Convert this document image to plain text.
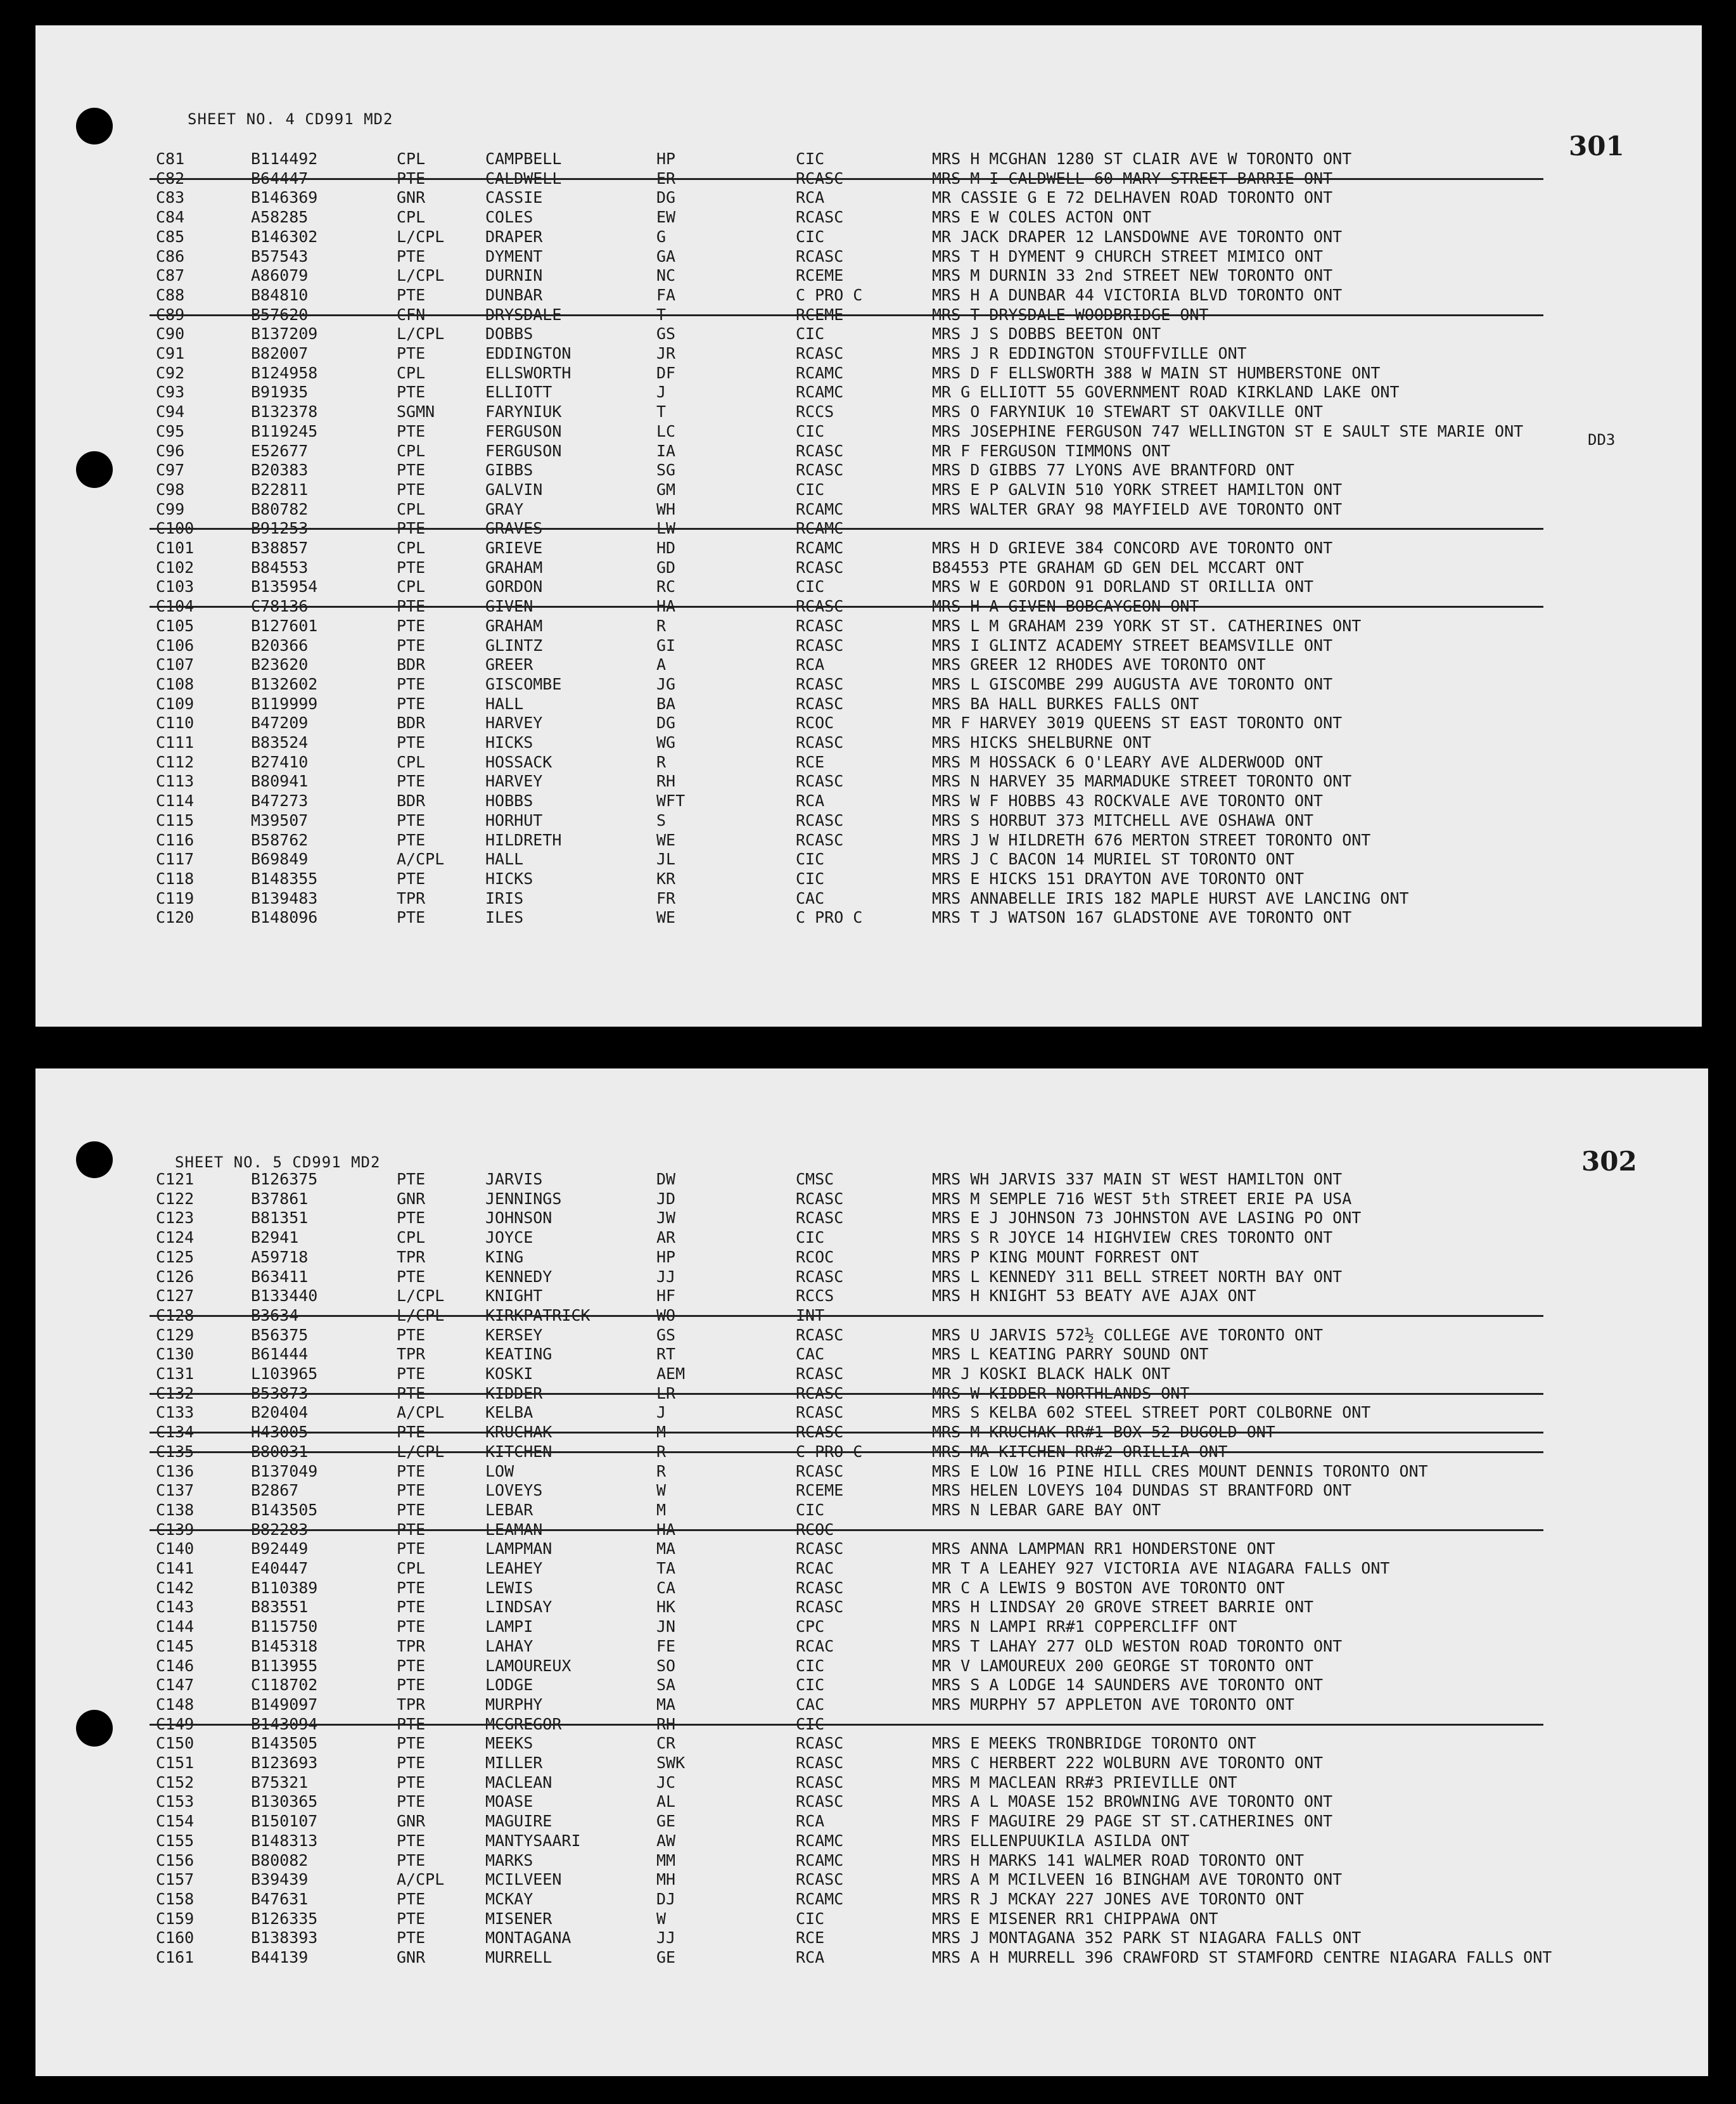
SHEET NO. 4 CD991 MD2
301
DD3
C81	B114492	CPL	CAMPBELL	HP	CIC	MRS H MCGHAN 1280 ST CLAIR AVE W TORONTO ONT
C82	B64447	PTE	CALDWELL	ER	RCASC	MRS M I CALDWELL 60 MARY STREET BARRIE ONT
C83	B146369	GNR	CASSIE	DG	RCA	MR CASSIE G E 72 DELHAVEN ROAD TORONTO ONT
C84	A58285	CPL	COLES	EW	RCASC	MRS E W COLES ACTON ONT
C85	B146302	L/CPL	DRAPER	G	CIC	MR JACK DRAPER 12 LANSDOWNE AVE TORONTO ONT
C86	B57543	PTE	DYMENT	GA	RCASC	MRS T H DYMENT 9 CHURCH STREET MIMICO ONT
C87	A86079	L/CPL	DURNIN	NC	RCEME	MRS M DURNIN 33 2nd STREET NEW TORONTO ONT
C88	B84810	PTE	DUNBAR	FA	C PRO C	MRS H A DUNBAR 44 VICTORIA BLVD TORONTO ONT
C89	B57620	CFN	DRYSDALE	T	RCEME	MRS T DRYSDALE WOODBRIDGE ONT
C90	B137209	L/CPL	DOBBS	GS	CIC	MRS J S DOBBS BEETON ONT
C91	B82007	PTE	EDDINGTON	JR	RCASC	MRS J R EDDINGTON STOUFFVILLE ONT
C92	B124958	CPL	ELLSWORTH	DF	RCAMC	MRS D F ELLSWORTH 388 W MAIN ST HUMBERSTONE ONT
C93	B91935	PTE	ELLIOTT	J	RCAMC	MR G ELLIOTT 55 GOVERNMENT ROAD KIRKLAND LAKE ONT
C94	B132378	SGMN	FARYNIUK	T	RCCS	MRS O FARYNIUK 10 STEWART ST OAKVILLE ONT
C95	B119245	PTE	FERGUSON	LC	CIC	MRS JOSEPHINE FERGUSON 747 WELLINGTON ST E SAULT STE MARIE ONT
C96	E52677	CPL	FERGUSON	IA	RCASC	MR F FERGUSON TIMMONS ONT
C97	B20383	PTE	GIBBS	SG	RCASC	MRS D GIBBS 77 LYONS AVE BRANTFORD ONT
C98	B22811	PTE	GALVIN	GM	CIC	MRS E P GALVIN 510 YORK STREET HAMILTON ONT
C99	B80782	CPL	GRAY	WH	RCAMC	MRS WALTER GRAY 98 MAYFIELD AVE TORONTO ONT
C100	B91253	PTE	GRAVES	LW	RCAMC
C101	B38857	CPL	GRIEVE	HD	RCAMC	MRS H D GRIEVE 384 CONCORD AVE TORONTO ONT
C102	B84553	PTE	GRAHAM	GD	RCASC	B84553 PTE GRAHAM GD GEN DEL MCCART ONT
C103	B135954	CPL	GORDON	RC	CIC	MRS W E GORDON 91 DORLAND ST ORILLIA ONT
C104	C78136	PTE	GIVEN	HA	RCASC	MRS H A GIVEN BOBCAYGEON ONT
C105	B127601	PTE	GRAHAM	R	RCASC	MRS L M GRAHAM 239 YORK ST ST. CATHERINES ONT
C106	B20366	PTE	GLINTZ	GI	RCASC	MRS I GLINTZ ACADEMY STREET BEAMSVILLE ONT
C107	B23620	BDR	GREER	A	RCA	MRS GREER 12 RHODES AVE TORONTO ONT
C108	B132602	PTE	GISCOMBE	JG	RCASC	MRS L GISCOMBE 299 AUGUSTA AVE TORONTO ONT
C109	B119999	PTE	HALL	BA	RCASC	MRS BA HALL BURKES FALLS ONT
C110	B47209	BDR	HARVEY	DG	RCOC	MR F HARVEY 3019 QUEENS ST EAST TORONTO ONT
C111	B83524	PTE	HICKS	WG	RCASC	MRS HICKS SHELBURNE ONT
C112	B27410	CPL	HOSSACK	R	RCE	MRS M HOSSACK 6 O'LEARY AVE ALDERWOOD ONT
C113	B80941	PTE	HARVEY	RH	RCASC	MRS N HARVEY 35 MARMADUKE STREET TORONTO ONT
C114	B47273	BDR	HOBBS	WFT	RCA	MRS W F HOBBS 43 ROCKVALE AVE TORONTO ONT
C115	M39507	PTE	HORHUT	S	RCASC	MRS S HORBUT 373 MITCHELL AVE OSHAWA ONT
C116	B58762	PTE	HILDRETH	WE	RCASC	MRS J W HILDRETH 676 MERTON STREET TORONTO ONT
C117	B69849	A/CPL	HALL	JL	CIC	MRS J C BACON 14 MURIEL ST TORONTO ONT
C118	B148355	PTE	HICKS	KR	CIC	MRS E HICKS 151 DRAYTON AVE TORONTO ONT
C119	B139483	TPR	IRIS	FR	CAC	MRS ANNABELLE IRIS 182 MAPLE HURST AVE LANCING ONT
C120	B148096	PTE	ILES	WE	C PRO C	MRS T J WATSON 167 GLADSTONE AVE TORONTO ONT
SHEET NO. 5 CD991 MD2	302
C121	B126375	PTE	JARVIS	DW	CMSC	MRS WH JARVIS 337 MAIN ST WEST HAMILTON ONT
C122	B37861	GNR	JENNINGS	JD	RCASC	MRS M SEMPLE 716 WEST 5th STREET ERIE PA USA
C123	B81351	PTE	JOHNSON	JW	RCASC	MRS E J JOHNSON 73 JOHNSTON AVE LASING PO ONT
C124	B2941	CPL	JOYCE	AR	CIC	MRS S R JOYCE 14 HIGHVIEW CRES TORONTO ONT
C125	A59718	TPR	KING	HP	RCOC	MRS P KING MOUNT FORREST ONT
C126	B63411	PTE	KENNEDY	JJ	RCASC	MRS L KENNEDY 311 BELL STREET NORTH BAY ONT
C127	B133440	L/CPL	KNIGHT	HF	RCCS	MRS H KNIGHT 53 BEATY AVE AJAX ONT
C128	B3634	L/CPL	KIRKPATRICK	WO	INT
C129	B56375	PTE	KERSEY	GS	RCASC	MRS U JARVIS 572½ COLLEGE AVE TORONTO ONT
C130	B61444	TPR	KEATING	RT	CAC	MRS L KEATING PARRY SOUND ONT
C131	L103965	PTE	KOSKI	AEM	RCASC	MR J KOSKI BLACK HALK ONT
C132	B53873	PTE	KIDDER	LR	RCASC	MRS W KIDDER NORTHLANDS ONT
C133	B20404	A/CPL	KELBA	J	RCASC	MRS S KELBA 602 STEEL STREET PORT COLBORNE ONT
C134	H43005	PTE	KRUCHAK	M	RCASC	MRS M KRUCHAK RR#1 BOX 52 DUGOLD ONT
C135	B80031	L/CPL	KITCHEN	R	C PRO C	MRS MA KITCHEN RR#2 ORILLIA ONT
C136	B137049	PTE	LOW	R	RCASC	MRS E LOW 16 PINE HILL CRES MOUNT DENNIS TORONTO ONT
C137	B2867	PTE	LOVEYS	W	RCEME	MRS HELEN LOVEYS 104 DUNDAS ST BRANTFORD ONT
C138	B143505	PTE	LEBAR	M	CIC	MRS N LEBAR GARE BAY ONT
C139	B82283	PTE	LEAMAN	HA	RCOC
C140	B92449	PTE	LAMPMAN	MA	RCASC	MRS ANNA LAMPMAN RR1 HONDERSTONE ONT
C141	E40447	CPL	LEAHEY	TA	RCAC	MR T A LEAHEY 927 VICTORIA AVE NIAGARA FALLS ONT
C142	B110389	PTE	LEWIS	CA	RCASC	MR C A LEWIS 9 BOSTON AVE TORONTO ONT
C143	B83551	PTE	LINDSAY	HK	RCASC	MRS H LINDSAY 20 GROVE STREET BARRIE ONT
C144	B115750	PTE	LAMPI	JN	CPC	MRS N LAMPI RR#1 COPPERCLIFF ONT
C145	B145318	TPR	LAHAY	FE	RCAC	MRS T LAHAY 277 OLD WESTON ROAD TORONTO ONT
C146	B113955	PTE	LAMOUREUX	SO	CIC	MR V LAMOUREUX 200 GEORGE ST TORONTO ONT
C147	C118702	PTE	LODGE	SA	CIC	MRS S A LODGE 14 SAUNDERS AVE TORONTO ONT
C148	B149097	TPR	MURPHY	MA	CAC	MRS MURPHY 57 APPLETON AVE TORONTO ONT
C149	B143094	PTE	MCGREGOR	RH	CIC
C150	B143505	PTE	MEEKS	CR	RCASC	MRS E MEEKS TRONBRIDGE TORONTO ONT
C151	B123693	PTE	MILLER	SWK	RCASC	MRS C HERBERT 222 WOLBURN AVE TORONTO ONT
C152	B75321	PTE	MACLEAN	JC	RCASC	MRS M MACLEAN RR#3 PRIEVILLE ONT
C153	B130365	PTE	MOASE	AL	RCASC	MRS A L MOASE 152 BROWNING AVE TORONTO ONT
C154	B150107	GNR	MAGUIRE	GE	RCA	MRS F MAGUIRE 29 PAGE ST ST.CATHERINES ONT
C155	B148313	PTE	MANTYSAARI	AW	RCAMC	MRS ELLENPUUKILA ASILDA ONT
C156	B80082	PTE	MARKS	MM	RCAMC	MRS H MARKS 141 WALMER ROAD TORONTO ONT
C157	B39439	A/CPL	MCILVEEN	MH	RCASC	MRS A M MCILVEEN 16 BINGHAM AVE TORONTO ONT
C158	B47631	PTE	MCKAY	DJ	RCAMC	MRS R J MCKAY 227 JONES AVE TORONTO ONT
C159	B126335	PTE	MISENER	W	CIC	MRS E MISENER RR1 CHIPPAWA ONT
C160	B138393	PTE	MONTAGANA	JJ	RCE	MRS J MONTAGANA 352 PARK ST NIAGARA FALLS ONT
C161	B44139	GNR	MURRELL	GE	RCA	MRS A H MURRELL 396 CRAWFORD ST STAMFORD CENTRE NIAGARA FALLS ONT
